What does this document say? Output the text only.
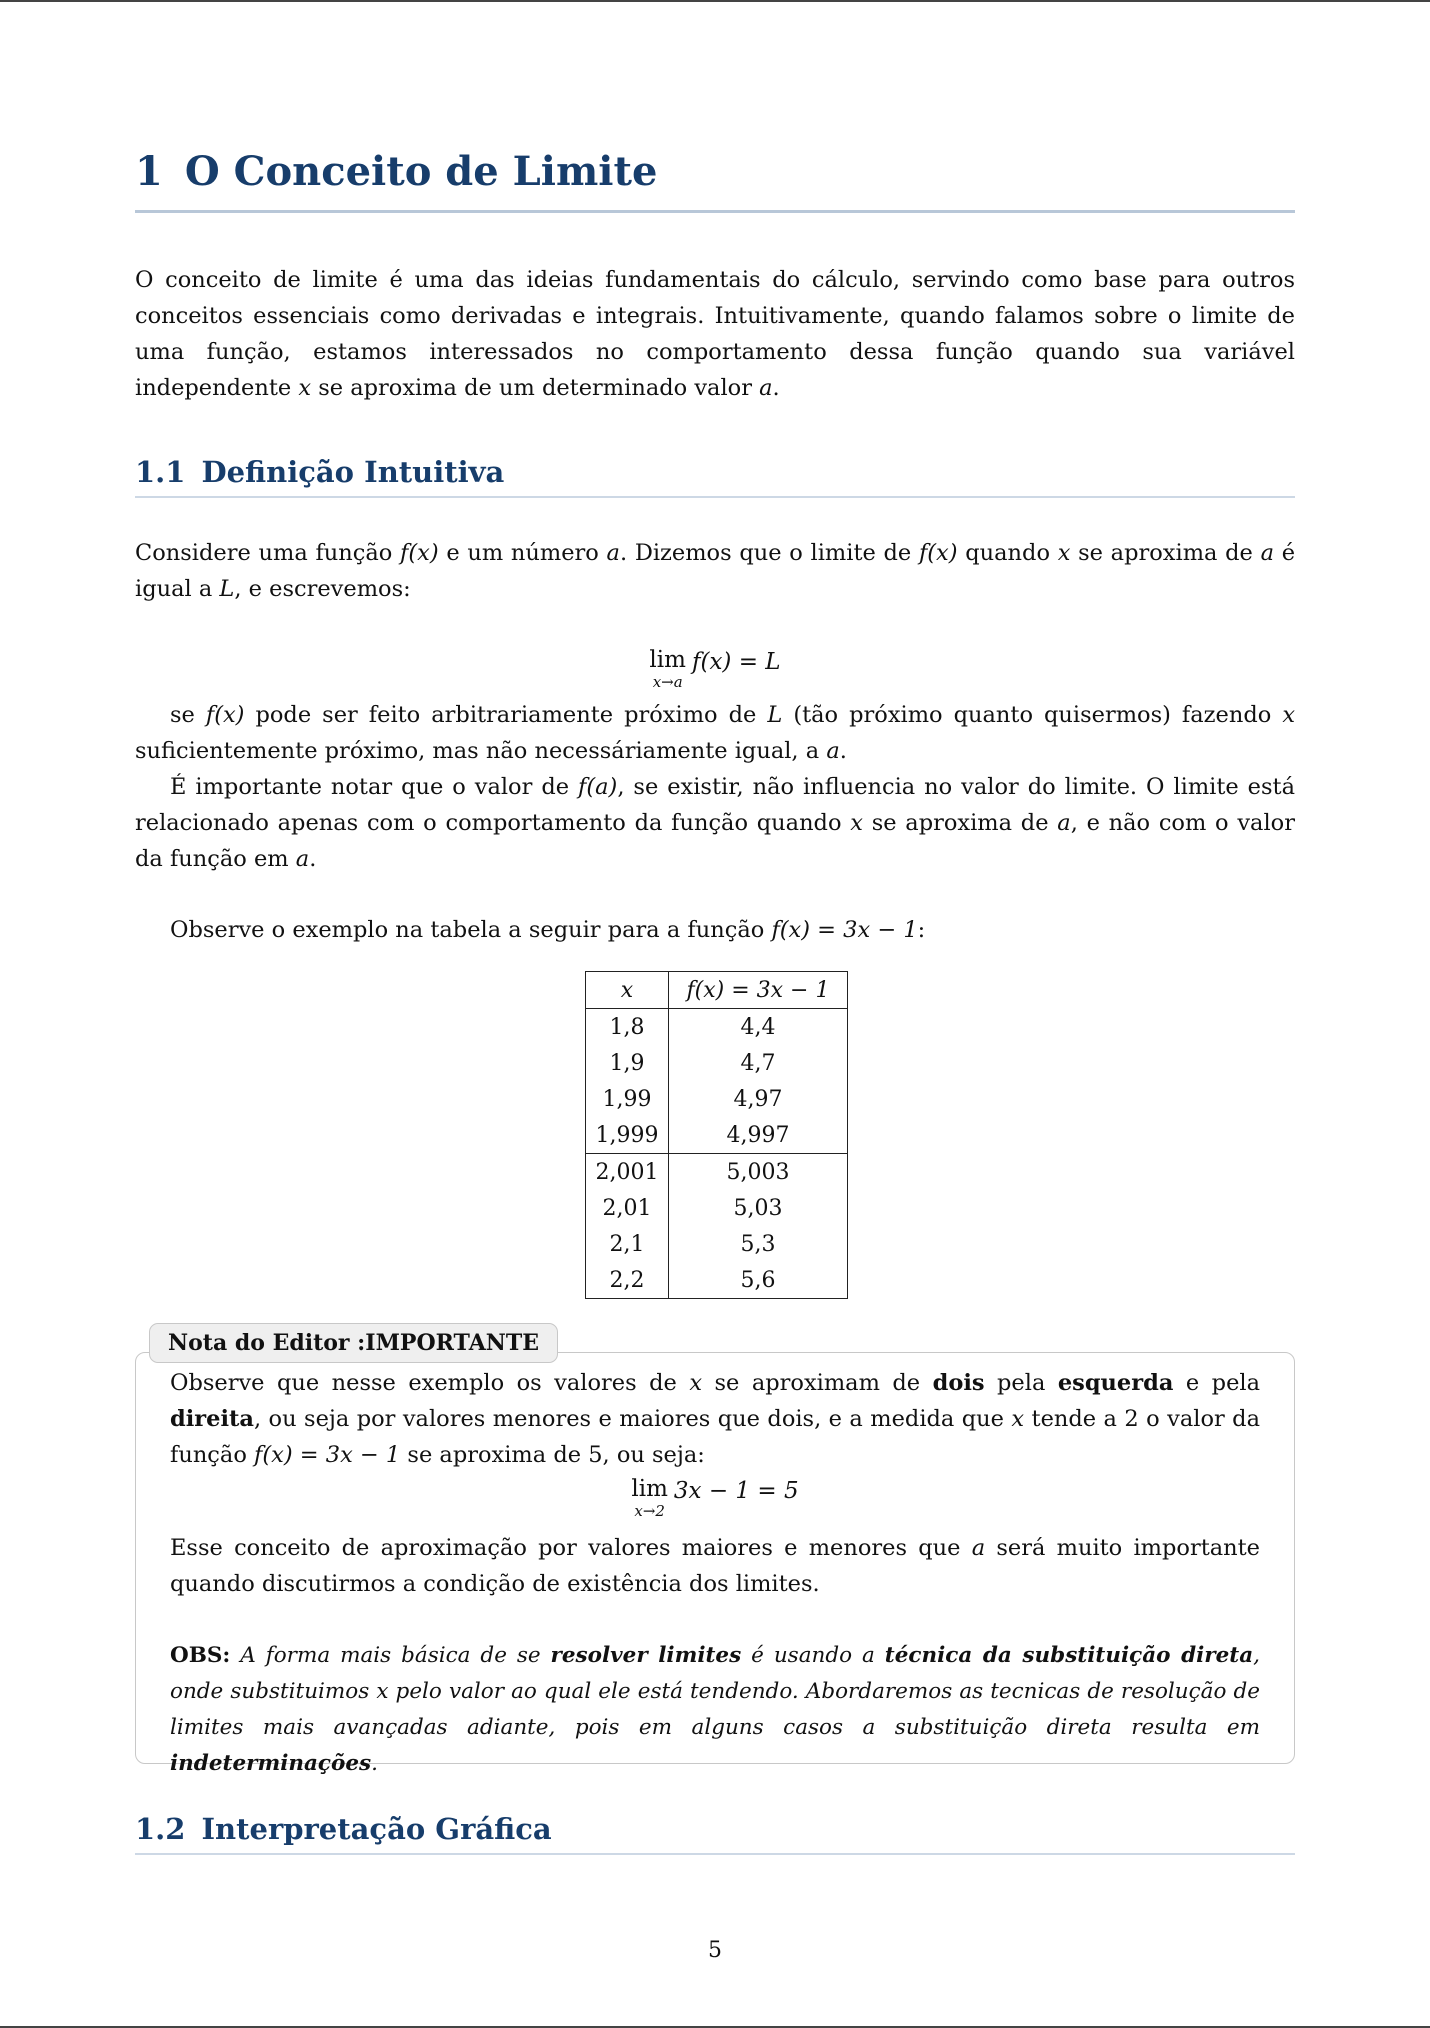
1 O Conceito de Limite

O conceito de limite é uma das ideias fundamentais do cálculo, servindo como base para outros conceitos essenciais como derivadas e integrais. Intuitivamente, quando falamos sobre o limite de uma função, estamos interessados no comportamento dessa função quando sua variável independente x se aproxima de um determinado valor a.

1.1 Definição Intuitiva

Considere uma função f(x) e um número a. Dizemos que o limite de f(x) quando x se aproxima de a é igual a L, e escrevemos:

lim
x→a
f(x) = L

se f(x) pode ser feito arbitrariamente próximo de L (tão próximo quanto quisermos) fazendo x suficientemente próximo, mas não necessáriamente igual, a a.

É importante notar que o valor de f(a), se existir, não influencia no valor do limite. O limite está relacionado apenas com o comportamento da função quando x se aproxima de a, e não com o valor da função em a.

Observe o exemplo na tabela a seguir para a função f(x) = 3x − 1:

x	f(x) = 3x − 1
1,8	4,4
1,9	4,7
1,99	4,97
1,999	4,997
2,001	5,003
2,01	5,03
2,1	5,3
2,2	5,6
Nota do Editor :IMPORTANTE

Observe que nesse exemplo os valores de x se aproximam de dois pela esquerda e pela direita, ou seja por valores menores e maiores que dois, e a medida que x tende a 2 o valor da função f(x) = 3x − 1 se aproxima de 5, ou seja:

lim
x→2
3x − 1 = 5

Esse conceito de aproximação por valores maiores e menores que a será muito importante quando discutirmos a condição de existência dos limites.

OBS: A forma mais básica de se resolver limites é usando a técnica da substituição direta, onde substituimos x pelo valor ao qual ele está tendendo. Abordaremos as tecnicas de resolução de limites mais avançadas adiante, pois em alguns casos a substituição direta resulta em indeterminações.

1.2 Interpretação Gráfica
5
